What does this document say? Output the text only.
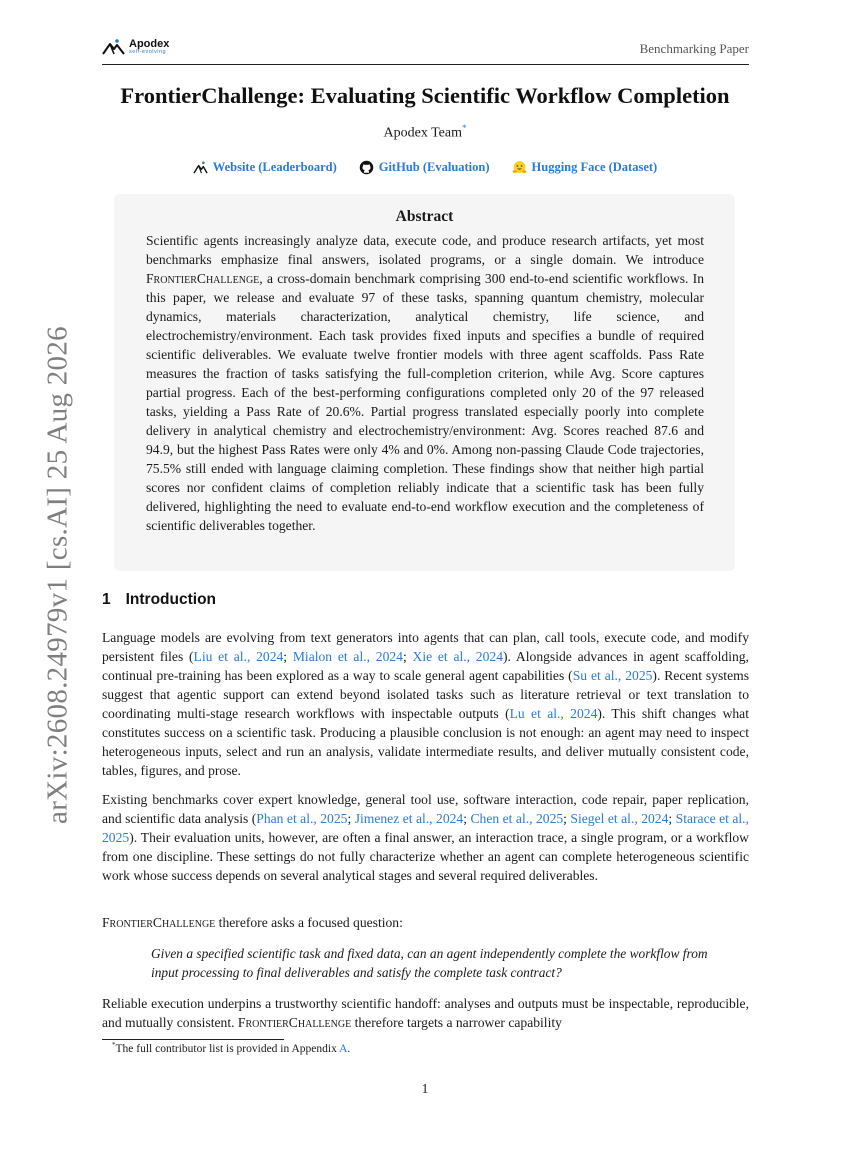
arXiv:2608.24979v1 [cs.AI] 25 Aug 2026
Apodex
self-evolving	Benchmarking Paper
FrontierChallenge: Evaluating Scientific Workflow Completion
Apodex Team*
Website (Leaderboard)	GitHub (Evaluation)	Hugging Face (Dataset)
Abstract
Scientific agents increasingly analyze data, execute code, and produce research artifacts, yet most benchmarks emphasize final answers, isolated programs, or a single domain. We introduce FrontierChallenge, a cross-domain benchmark comprising 300 end-to-end scientific workflows. In this paper, we release and evaluate 97 of these tasks, spanning quantum chemistry, molecular dynamics, materials characterization, analytical chemistry, life science, and electrochemistry/environment. Each task provides fixed inputs and specifies a bundle of required scientific deliverables. We evaluate twelve frontier models with three agent scaffolds. Pass Rate measures the fraction of tasks satisfying the full-completion criterion, while Avg. Score captures partial progress. Each of the best-performing configurations completed only 20 of the 97 released tasks, yielding a Pass Rate of 20.6%. Partial progress translated especially poorly into complete delivery in analytical chemistry and electrochemistry/environment: Avg. Scores reached 87.6 and 94.9, but the highest Pass Rates were only 4% and 0%. Among non-passing Claude Code trajectories, 75.5% still ended with language claiming completion. These findings show that neither high partial scores nor confident claims of completion reliably indicate that a scientific task has been fully delivered, highlighting the need to evaluate end-to-end workflow execution and the completeness of scientific deliverables together.
1 Introduction
Language models are evolving from text generators into agents that can plan, call tools, execute code, and modify persistent files (Liu et al., 2024; Mialon et al., 2024; Xie et al., 2024). Alongside advances in agent scaffolding, continual pre-training has been explored as a way to scale general agent capabilities (Su et al., 2025). Recent systems suggest that agentic support can extend beyond isolated tasks such as literature retrieval or text translation to coordinating multi-stage research workflows with inspectable outputs (Lu et al., 2024). This shift changes what constitutes success on a scientific task. Producing a plausible conclusion is not enough: an agent may need to inspect heterogeneous inputs, select and run an analysis, validate intermediate results, and deliver mutually consistent code, tables, figures, and prose.
Existing benchmarks cover expert knowledge, general tool use, software interaction, code repair, paper replication, and scientific data analysis (Phan et al., 2025; Jimenez et al., 2024; Chen et al., 2025; Siegel et al., 2024; Starace et al., 2025). Their evaluation units, however, are often a final answer, an interaction trace, a single program, or a workflow from one discipline. These settings do not fully characterize whether an agent can complete heterogeneous scientific work whose success depends on several analytical stages and several required deliverables.
FrontierChallenge therefore asks a focused question:
Given a specified scientific task and fixed data, can an agent independently complete the workflow from input processing to final deliverables and satisfy the complete task contract?
Reliable execution underpins a trustworthy scientific handoff: analyses and outputs must be inspectable, reproducible, and mutually consistent. FrontierChallenge therefore targets a narrower capability
*The full contributor list is provided in Appendix A.
1
